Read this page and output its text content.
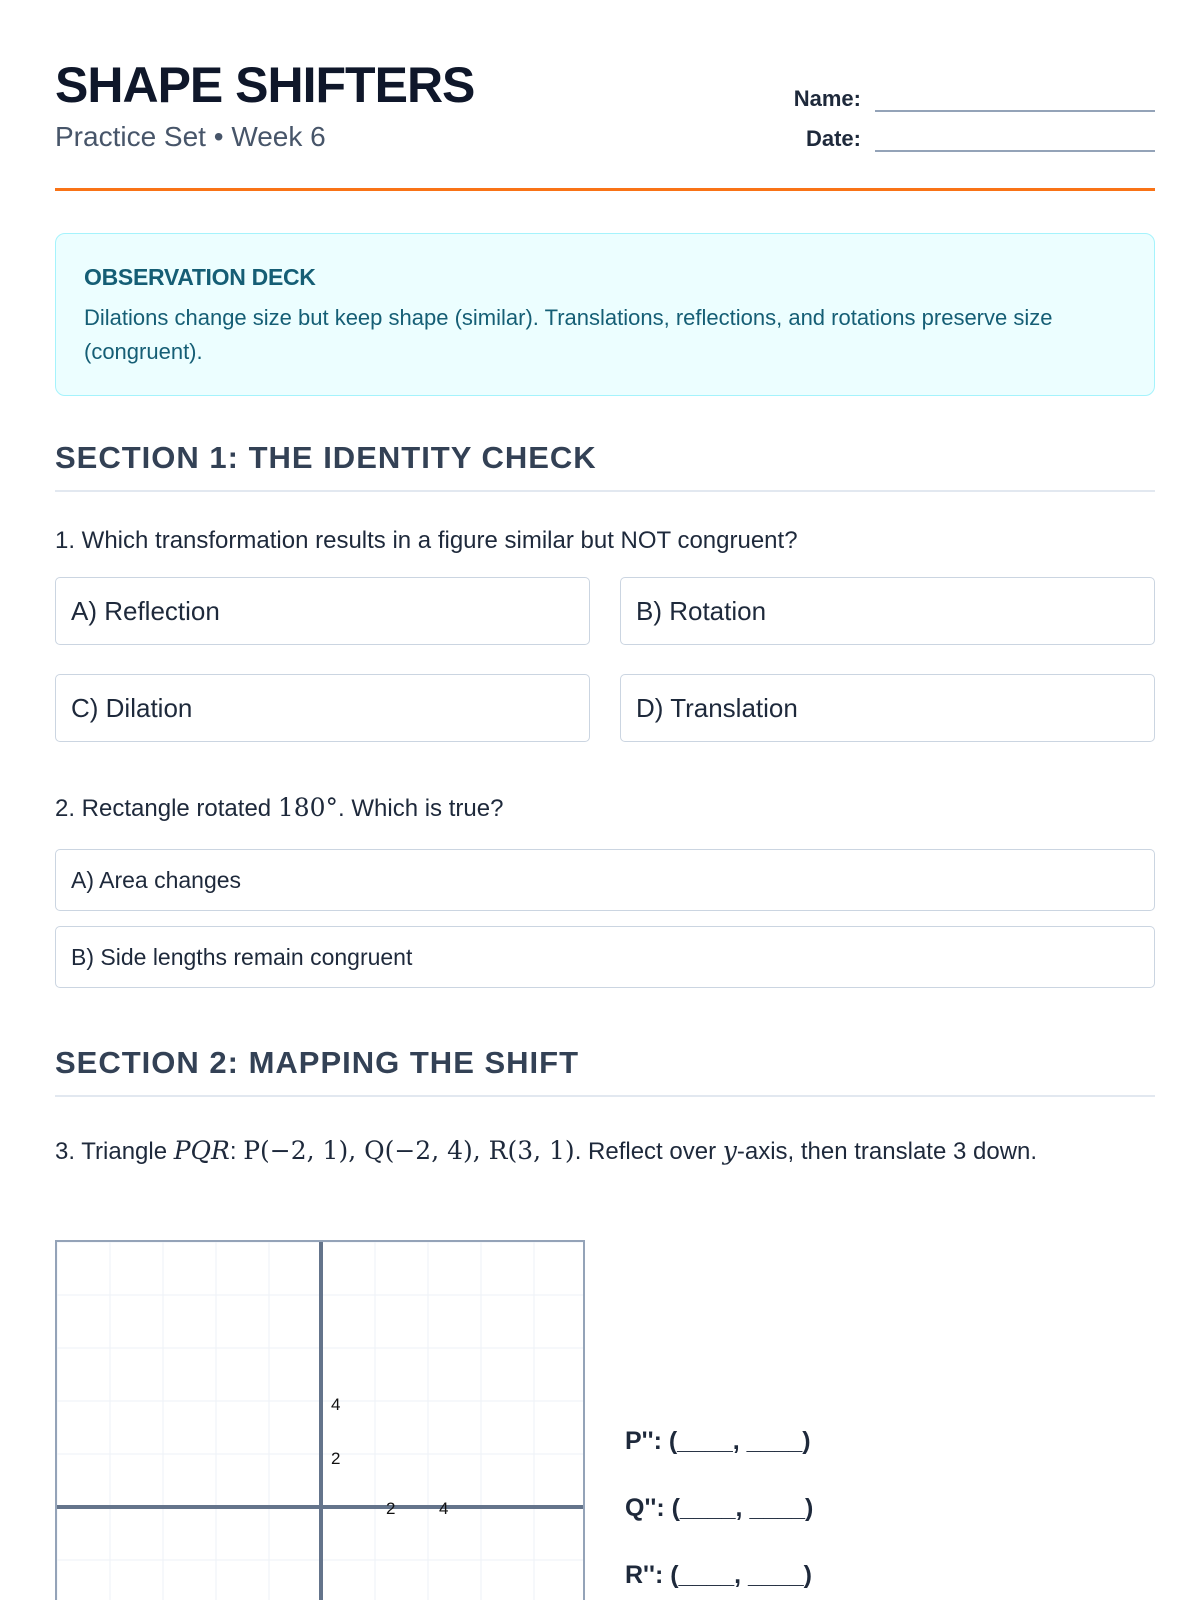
SHAPE SHIFTERS
Practice Set • Week 6
Name:
Date:
OBSERVATION DECK

Dilations change size but keep shape (similar). Translations, reflections, and rotations preserve size (congruent).

SECTION 1: THE IDENTITY CHECK
1. Which transformation results in a figure similar but NOT congruent?
A) Reflection	B) Rotation
C) Dilation	D) Translation
2. Rectangle rotated 180°. Which is true?
A) Area changes
B) Side lengths remain congruent
SECTION 2: MAPPING THE SHIFT
3. Triangle PQR: P(−2, 1), Q(−2, 4), R(3, 1). Reflect over y-axis, then translate 3 down.
4
2
2	4
P'': (____, ____)
Q'': (____, ____)
R'': (____, ____)
